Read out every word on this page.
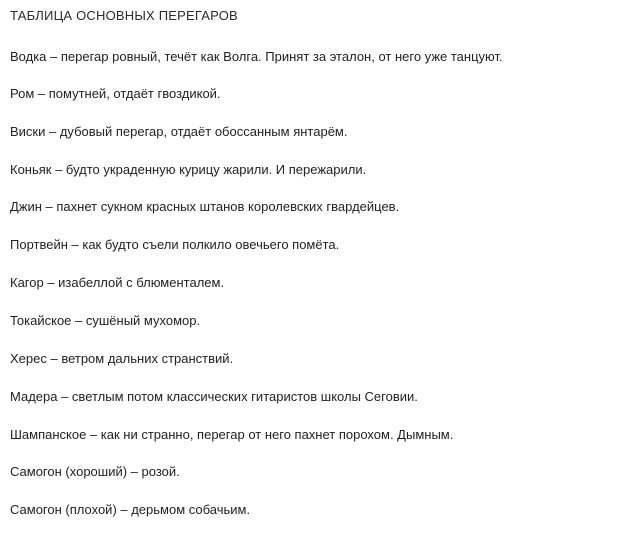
ТАБЛИЦА ОСНОВНЫХ ПЕРЕГАРОВ
Водка – перегар ровный, течёт как Волга. Принят за эталон, от него уже танцуют.
Ром – помутней, отдаёт гвоздикой.
Виски – дубовый перегар, отдаёт обосcанным янтарём.
Коньяк – будто украденную курицу жарили. И пережарили.
Джин – пахнет сукном красных штанов королевских гвардейцев.
Портвейн – как будто съели полкило овечьего помёта.
Кагор – изабеллой с блюменталем.
Токайское – сушёный мухомор.
Херес – ветром дальних странствий.
Мадера – светлым потом классических гитаристов школы Сеговии.
Шампанское – как ни странно, перегар от него пахнет порохом. Дымным.
Самогон (хороший) – розой.
Самогон (плохой) – дерьмом собачьим.
